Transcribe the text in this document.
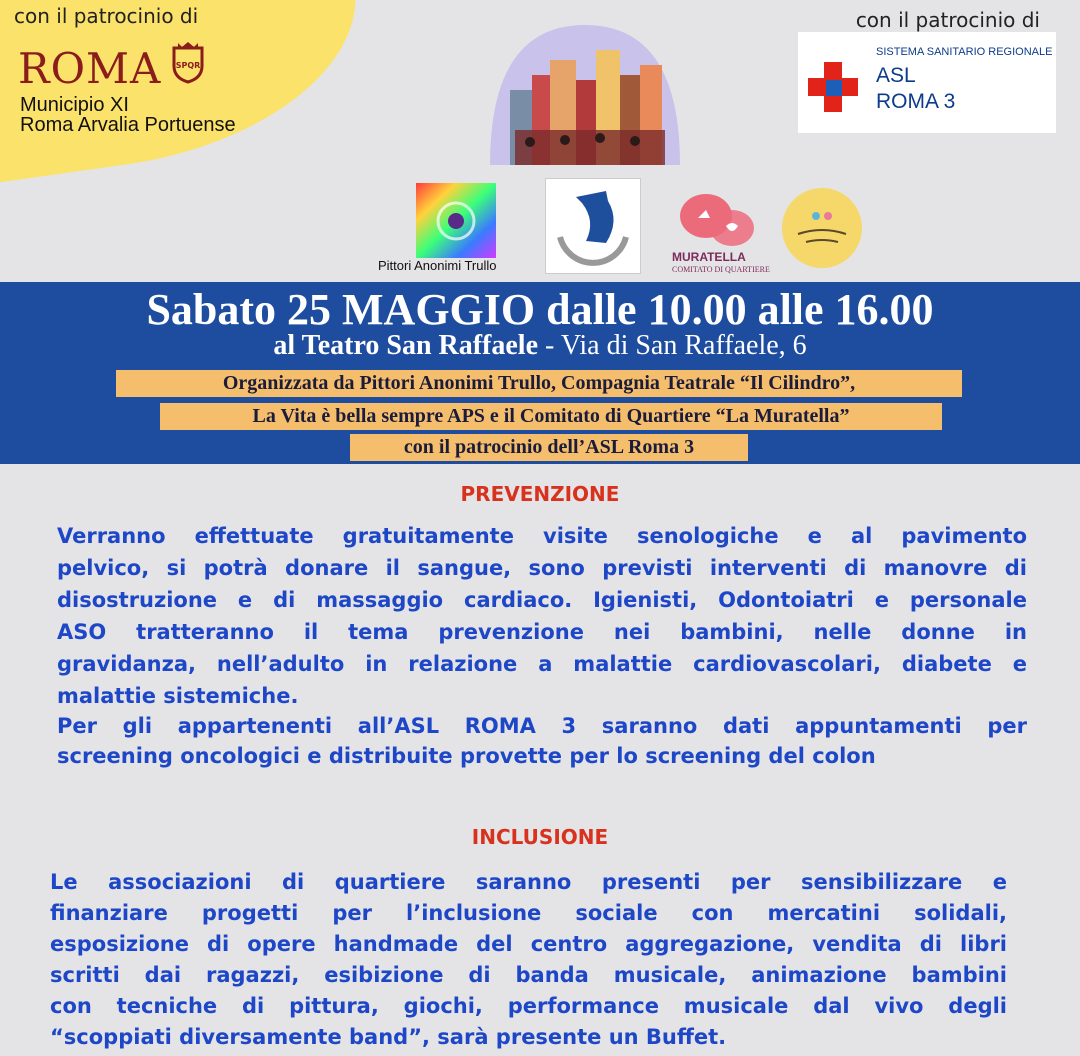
con il patrocinio di
ROMA SPQR
Municipio XI
Roma Arvalia Portuense
con il patrocinio di
SISTEMA SANITARIO REGIONALE
ASL
ROMA 3
Pittori Anonimi Trullo
MURATELLA
COMITATO DI QUARTIERE
Sabato 25 MAGGIO dalle 10.00 alle 16.00
al Teatro San Raffaele - Via di San Raffaele, 6
Organizzata da Pittori Anonimi Trullo, Compagnia Teatrale “Il Cilindro”,
La Vita è bella sempre APS e il Comitato di Quartiere “La Muratella”
con il patrocinio dell’ASL Roma 3
PREVENZIONE
Verranno effettuate gratuitamente visite senologiche e al pavimento
pelvico, si potrà donare il sangue, sono previsti interventi di manovre di
disostruzione e di massaggio cardiaco. Igienisti, Odontoiatri e personale
ASO tratteranno il tema prevenzione nei bambini, nelle donne in
gravidanza, nell’adulto in relazione a malattie cardiovascolari, diabete e
malattie sistemiche.
Per gli appartenenti all’ASL ROMA 3 saranno dati appuntamenti per
screening oncologici e distribuite provette per lo screening del colon
INCLUSIONE
Le associazioni di quartiere saranno presenti per sensibilizzare e
finanziare progetti per l’inclusione sociale con mercatini solidali,
esposizione di opere handmade del centro aggregazione, vendita di libri
scritti dai ragazzi, esibizione di banda musicale, animazione bambini
con tecniche di pittura, giochi, performance musicale dal vivo degli
“scoppiati diversamente band”, sarà presente un Buffet.
